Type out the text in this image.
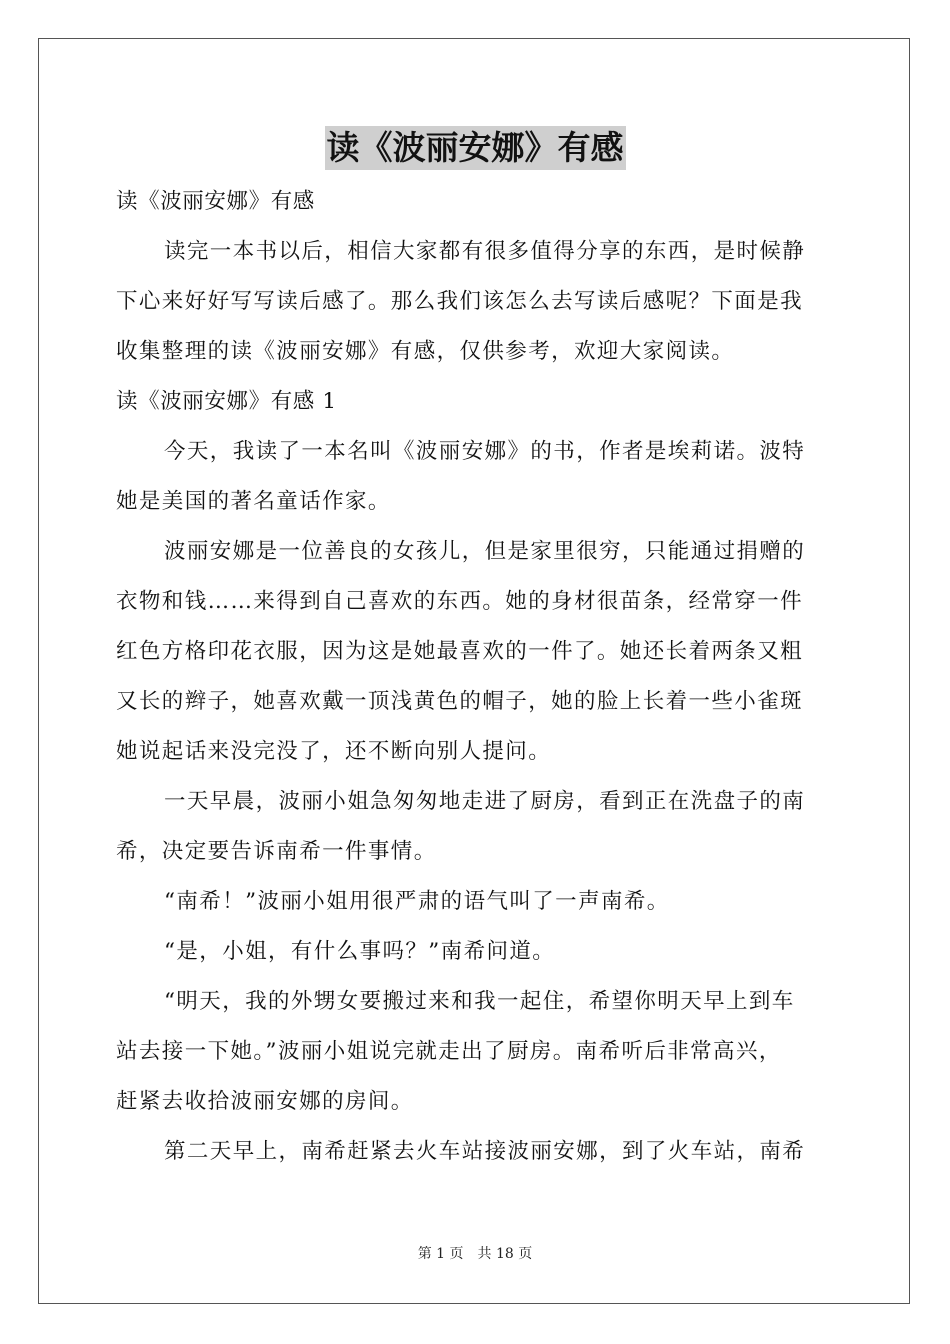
读《波丽安娜》有感
读《波丽安娜》有感
读完一本书以后，相信大家都有很多值得分享的东西，是时候静
下心来好好写写读后感了。那么我们该怎么去写读后感呢？下面是我
收集整理的读《波丽安娜》有感，仅供参考，欢迎大家阅读。
读《波丽安娜》有感 1
今天，我读了一本名叫《波丽安娜》的书，作者是埃莉诺。波特
她是美国的著名童话作家。
波丽安娜是一位善良的女孩儿，但是家里很穷，只能通过捐赠的
衣物和钱……来得到自己喜欢的东西。她的身材很苗条，经常穿一件
红色方格印花衣服，因为这是她最喜欢的一件了。她还长着两条又粗
又长的辫子，她喜欢戴一顶浅黄色的帽子，她的脸上长着一些小雀斑
她说起话来没完没了，还不断向别人提问。
一天早晨，波丽小姐急匆匆地走进了厨房，看到正在洗盘子的南
希，决定要告诉南希一件事情。
“南希！”波丽小姐用很严肃的语气叫了一声南希。
“是，小姐，有什么事吗？”南希问道。
“明天，我的外甥女要搬过来和我一起住，希望你明天早上到车
站去接一下她。”波丽小姐说完就走出了厨房。南希听后非常高兴，
赶紧去收拾波丽安娜的房间。
第二天早上，南希赶紧去火车站接波丽安娜，到了火车站，南希
第 1 页　共 18 页
